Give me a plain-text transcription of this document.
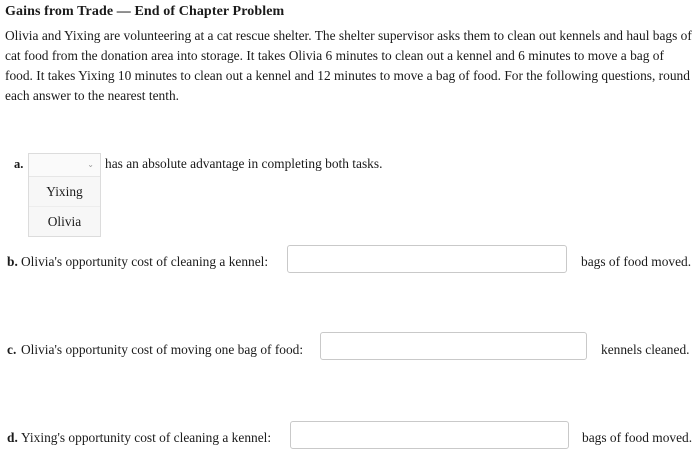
Gains from Trade — End of Chapter Problem
Olivia and Yixing are volunteering at a cat rescue shelter. The shelter supervisor asks them to clean out kennels and haul bags of cat food from the donation area into storage. It takes Olivia 6 minutes to clean out a kennel and 6 minutes to move a bag of food. It takes Yixing 10 minutes to clean out a kennel and 12 minutes to move a bag of food. For the following questions, round each answer to the nearest tenth.
a.	⌄
Yixing
Olivia
has an absolute advantage in completing both tasks.
b. Olivia's opportunity cost of cleaning a kennel:	bags of food moved.
c. Olivia's opportunity cost of moving one bag of food:	kennels cleaned.
d. Yixing's opportunity cost of cleaning a kennel:	bags of food moved.
